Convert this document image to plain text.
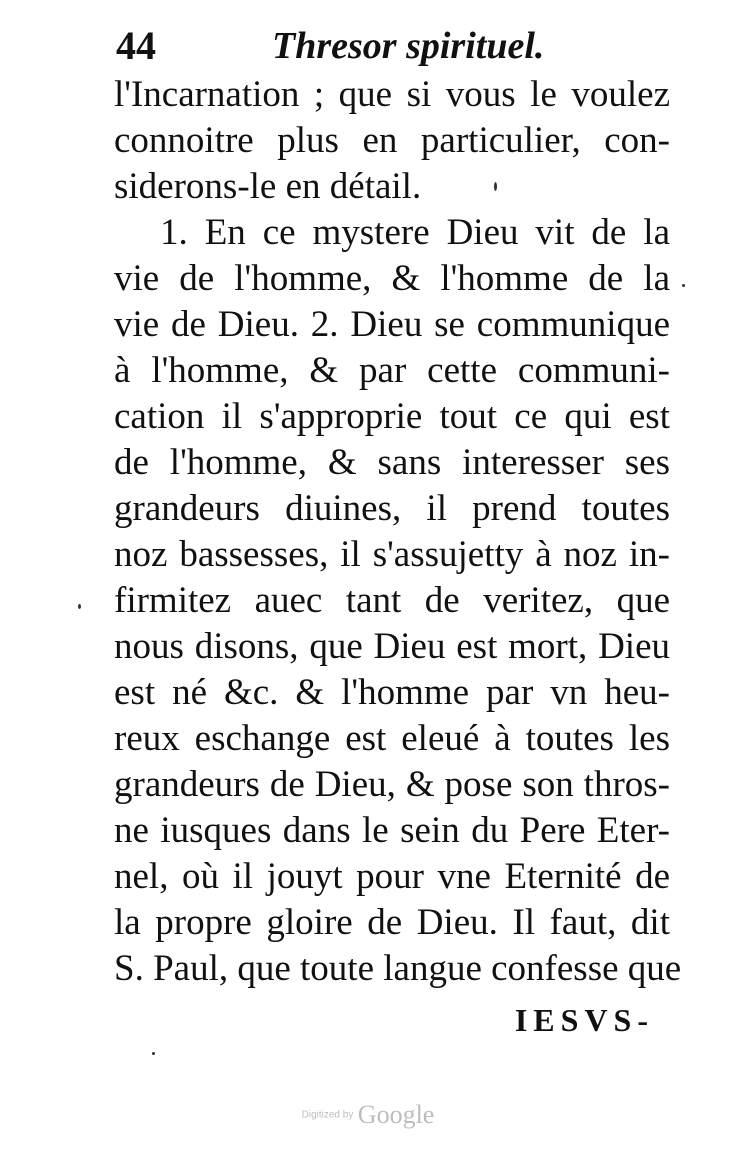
44	Thresor spirituel.
l'Incarnation ; que si vous le voulez
connoitre plus en particulier, con-
siderons-le en détail.
1. En ce mystere Dieu vit de la
vie de l'homme, & l'homme de la
vie de Dieu. 2. Dieu se communique
à l'homme, & par cette communi-
cation il s'approprie tout ce qui est
de l'homme, & sans interesser ses
grandeurs diuines, il prend toutes
noz bassesses, il s'assujetty à noz in-
firmitez auec tant de veritez, que
nous disons, que Dieu est mort, Dieu
est né &c. & l'homme par vn heu-
reux eschange est eleué à toutes les
grandeurs de Dieu, & pose son thros-
ne iusques dans le sein du Pere Eter-
nel, où il jouyt pour vne Eternité de
la propre gloire de Dieu. Il faut, dit
S. Paul, que toute langue confesse que
IESVS-
Digitized by Google
